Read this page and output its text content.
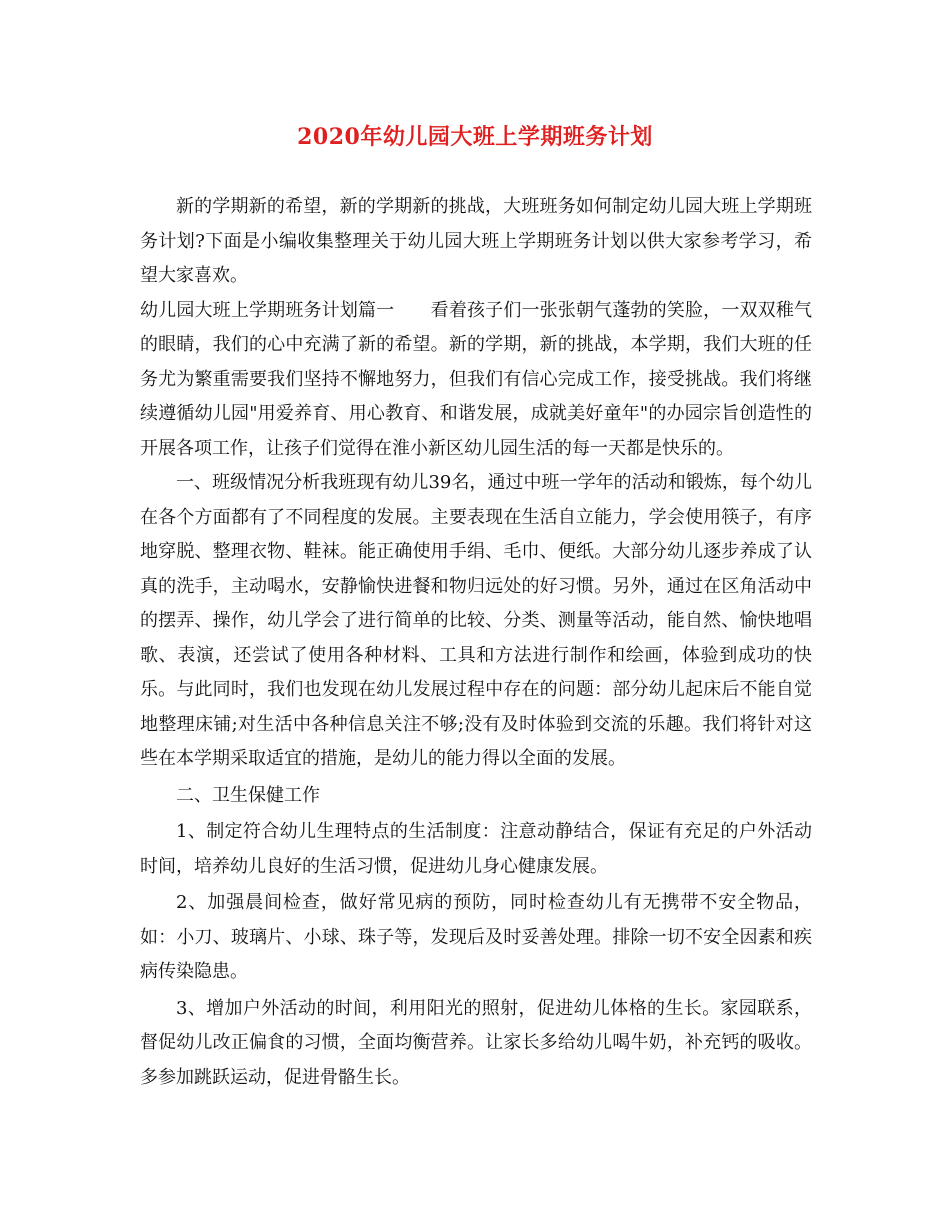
2020年幼儿园大班上学期班务计划

新的学期新的希望，新的学期新的挑战，大班班务如何制定幼儿园大班上学期班务计划?下面是小编收集整理关于幼儿园大班上学期班务计划以供大家参考学习，希望大家喜欢。

幼儿园大班上学期班务计划篇一　　看着孩子们一张张朝气蓬勃的笑脸，一双双稚气的眼睛，我们的心中充满了新的希望。新的学期，新的挑战，本学期，我们大班的任务尤为繁重需要我们坚持不懈地努力，但我们有信心完成工作，接受挑战。我们将继续遵循幼儿园"用爱养育、用心教育、和谐发展，成就美好童年"的办园宗旨创造性的开展各项工作，让孩子们觉得在淮小新区幼儿园生活的每一天都是快乐的。

一、班级情况分析我班现有幼儿39名，通过中班一学年的活动和锻炼，每个幼儿在各个方面都有了不同程度的发展。主要表现在生活自立能力，学会使用筷子，有序地穿脱、整理衣物、鞋袜。能正确使用手绢、毛巾、便纸。大部分幼儿逐步养成了认真的洗手，主动喝水，安静愉快进餐和物归远处的好习惯。另外，通过在区角活动中的摆弄、操作，幼儿学会了进行简单的比较、分类、测量等活动，能自然、愉快地唱歌、表演，还尝试了使用各种材料、工具和方法进行制作和绘画，体验到成功的快乐。与此同时，我们也发现在幼儿发展过程中存在的问题：部分幼儿起床后不能自觉地整理床铺;对生活中各种信息关注不够;没有及时体验到交流的乐趣。我们将针对这些在本学期采取适宜的措施，是幼儿的能力得以全面的发展。

二、卫生保健工作

1、制定符合幼儿生理特点的生活制度：注意动静结合，保证有充足的户外活动时间，培养幼儿良好的生活习惯，促进幼儿身心健康发展。

2、加强晨间检查，做好常见病的预防，同时检查幼儿有无携带不安全物品，如：小刀、玻璃片、小球、珠子等，发现后及时妥善处理。排除一切不安全因素和疾病传染隐患。

3、增加户外活动的时间，利用阳光的照射，促进幼儿体格的生长。家园联系，督促幼儿改正偏食的习惯，全面均衡营养。让家长多给幼儿喝牛奶，补充钙的吸收。多参加跳跃运动，促进骨骼生长。
